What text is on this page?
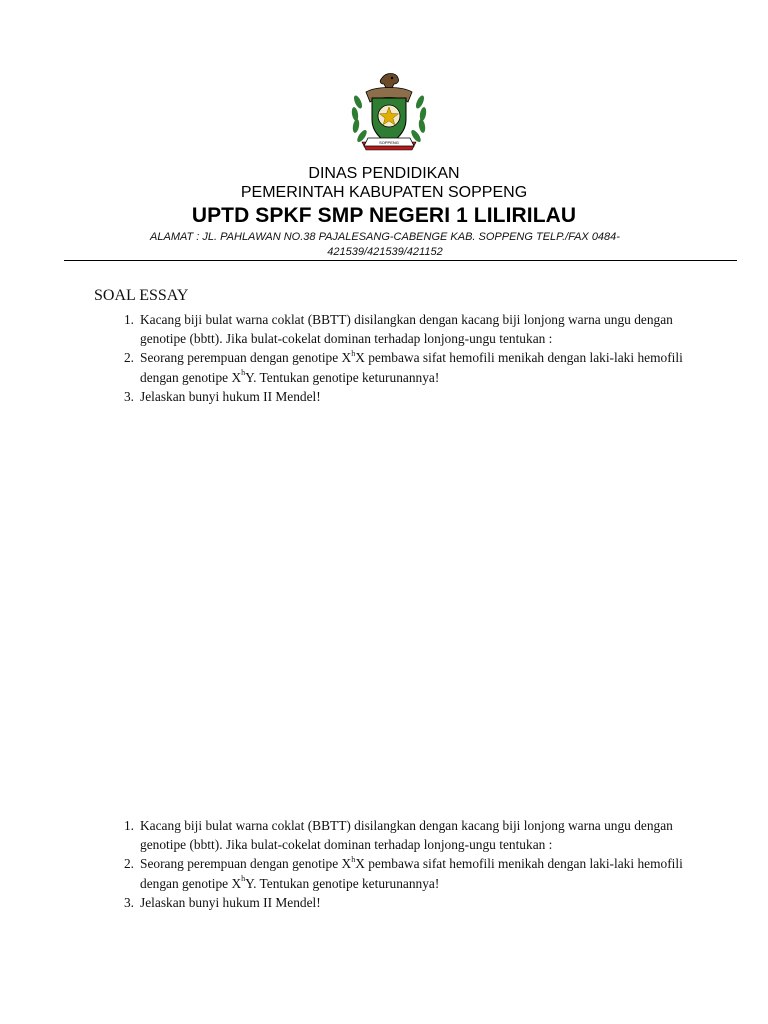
SOPPENG
DINAS PENDIDIKAN
PEMERINTAH KABUPATEN SOPPENG
UPTD SPKF SMP NEGERI 1 LILIRILAU
ALAMAT : JL. PAHLAWAN NO.38 PAJALESANG-CABENGE KAB. SOPPENG TELP./FAX 0484-421539/421539/421152
SOAL ESSAY
1. Kacang biji bulat warna coklat (BBTT) disilangkan dengan kacang biji lonjong warna ungu dengan genotipe (bbtt). Jika bulat-cokelat dominan terhadap lonjong-ungu tentukan :
2. Seorang perempuan dengan genotipe $X^hX$ pembawa sifat hemofili menikah dengan laki-laki hemofili dengan genotipe $X^hY$. Tentukan genotipe keturunannya!
3. Jelaskan bunyi hukum II Mendel!
1. Kacang biji bulat warna coklat (BBTT) disilangkan dengan kacang biji lonjong warna ungu dengan genotipe (bbtt). Jika bulat-cokelat dominan terhadap lonjong-ungu tentukan :
2. Seorang perempuan dengan genotipe $X^hX$ pembawa sifat hemofili menikah dengan laki-laki hemofili dengan genotipe $X^hY$. Tentukan genotipe keturunannya!
3. Jelaskan bunyi hukum II Mendel!
